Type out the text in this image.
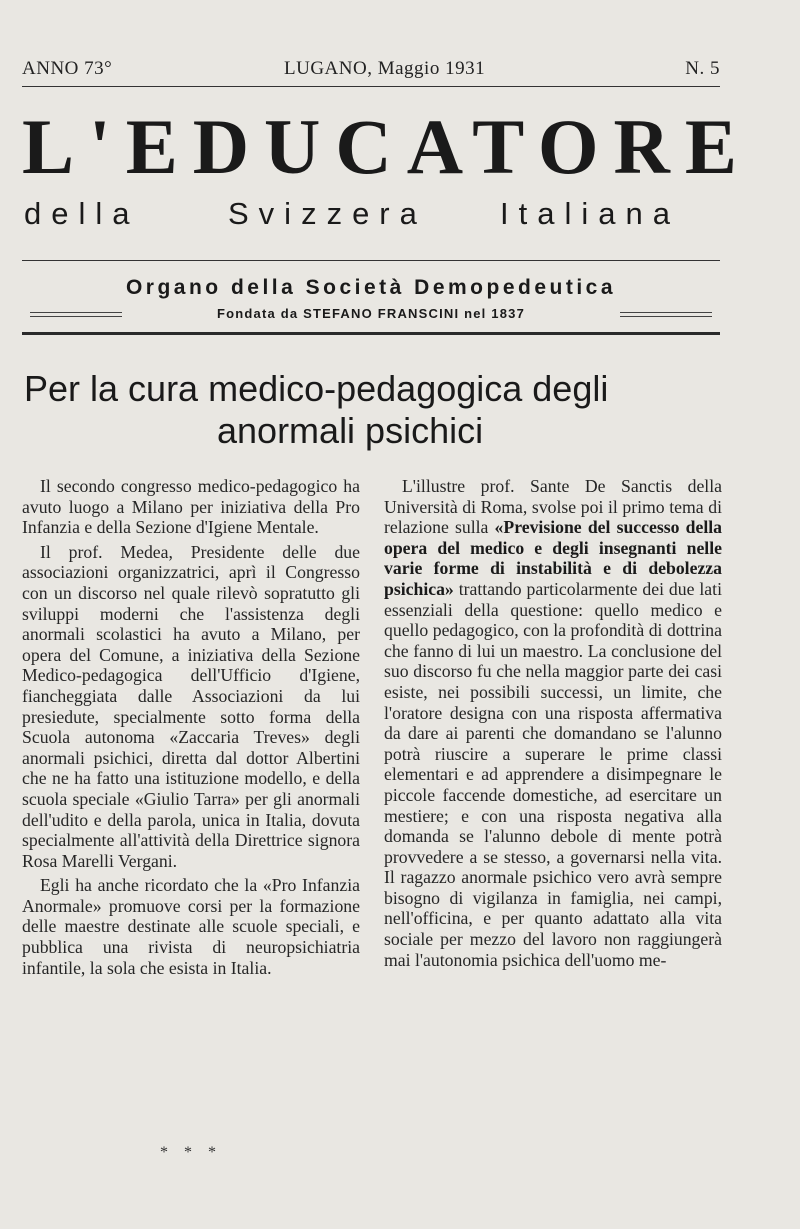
ANNO 73°	LUGANO, Maggio 1931	N. 5
L'EDUCATORE
della	Svizzera Italiana
Organo della Società Demopedeutica
Fondata da STEFANO FRANSCINI nel 1837
Per la cura medico-pedagogica degli
anormali psichici

Il secondo congresso medico-pedagogico ha avuto luogo a Milano per iniziativa della Pro Infanzia e della Sezione d'Igiene Mentale.

Il prof. Medea, Presidente delle due associazioni organizzatrici, aprì il Congresso con un discorso nel quale rilevò sopratutto gli sviluppi moderni che l'assistenza degli anormali scolastici ha avuto a Milano, per opera del Comune, a iniziativa della Sezione Medico-pedagogica dell'Ufficio d'Igiene, fiancheggiata dalle Associazioni da lui presiedute, specialmente sotto forma della Scuola autonoma «Zaccaria Treves» degli anormali psichici, diretta dal dottor Albertini che ne ha fatto una istituzione modello, e della scuola speciale «Giulio Tarra» per gli anormali dell'udito e della parola, unica in Italia, dovuta specialmente all'attività della Direttrice signora Rosa Marelli Vergani.

Egli ha anche ricordato che la «Pro Infanzia Anormale» promuove corsi per la formazione delle maestre destinate alle scuole speciali, e pubblica una rivista di neuropsichiatria infantile, la sola che esista in Italia.

* * *

L'illustre prof. Sante De Sanctis della Università di Roma, svolse poi il primo tema di relazione sulla «Previsione del successo della opera del medico e degli insegnanti nelle varie forme di instabilità e di debolezza psichica» trattando particolarmente dei due lati essenziali della questione: quello medico e quello pedagogico, con la profondità di dottrina che fanno di lui un maestro. La conclusione del suo discorso fu che nella maggior parte dei casi esiste, nei possibili successi, un limite, che l'oratore designa con una risposta affermativa da dare ai parenti che domandano se l'alunno potrà riuscire a superare le prime classi elementari e ad apprendere a disimpegnare le piccole faccende domestiche, ad esercitare un mestiere; e con una risposta negativa alla domanda se l'alunno debole di mente potrà provvedere a se stesso, a governarsi nella vita. Il ragazzo anormale psichico vero avrà sempre bisogno di vigilanza in famiglia, nei campi, nell'officina, e per quanto adattato alla vita sociale per mezzo del lavoro non raggiungerà mai l'autonomia psichica dell'uomo me-
